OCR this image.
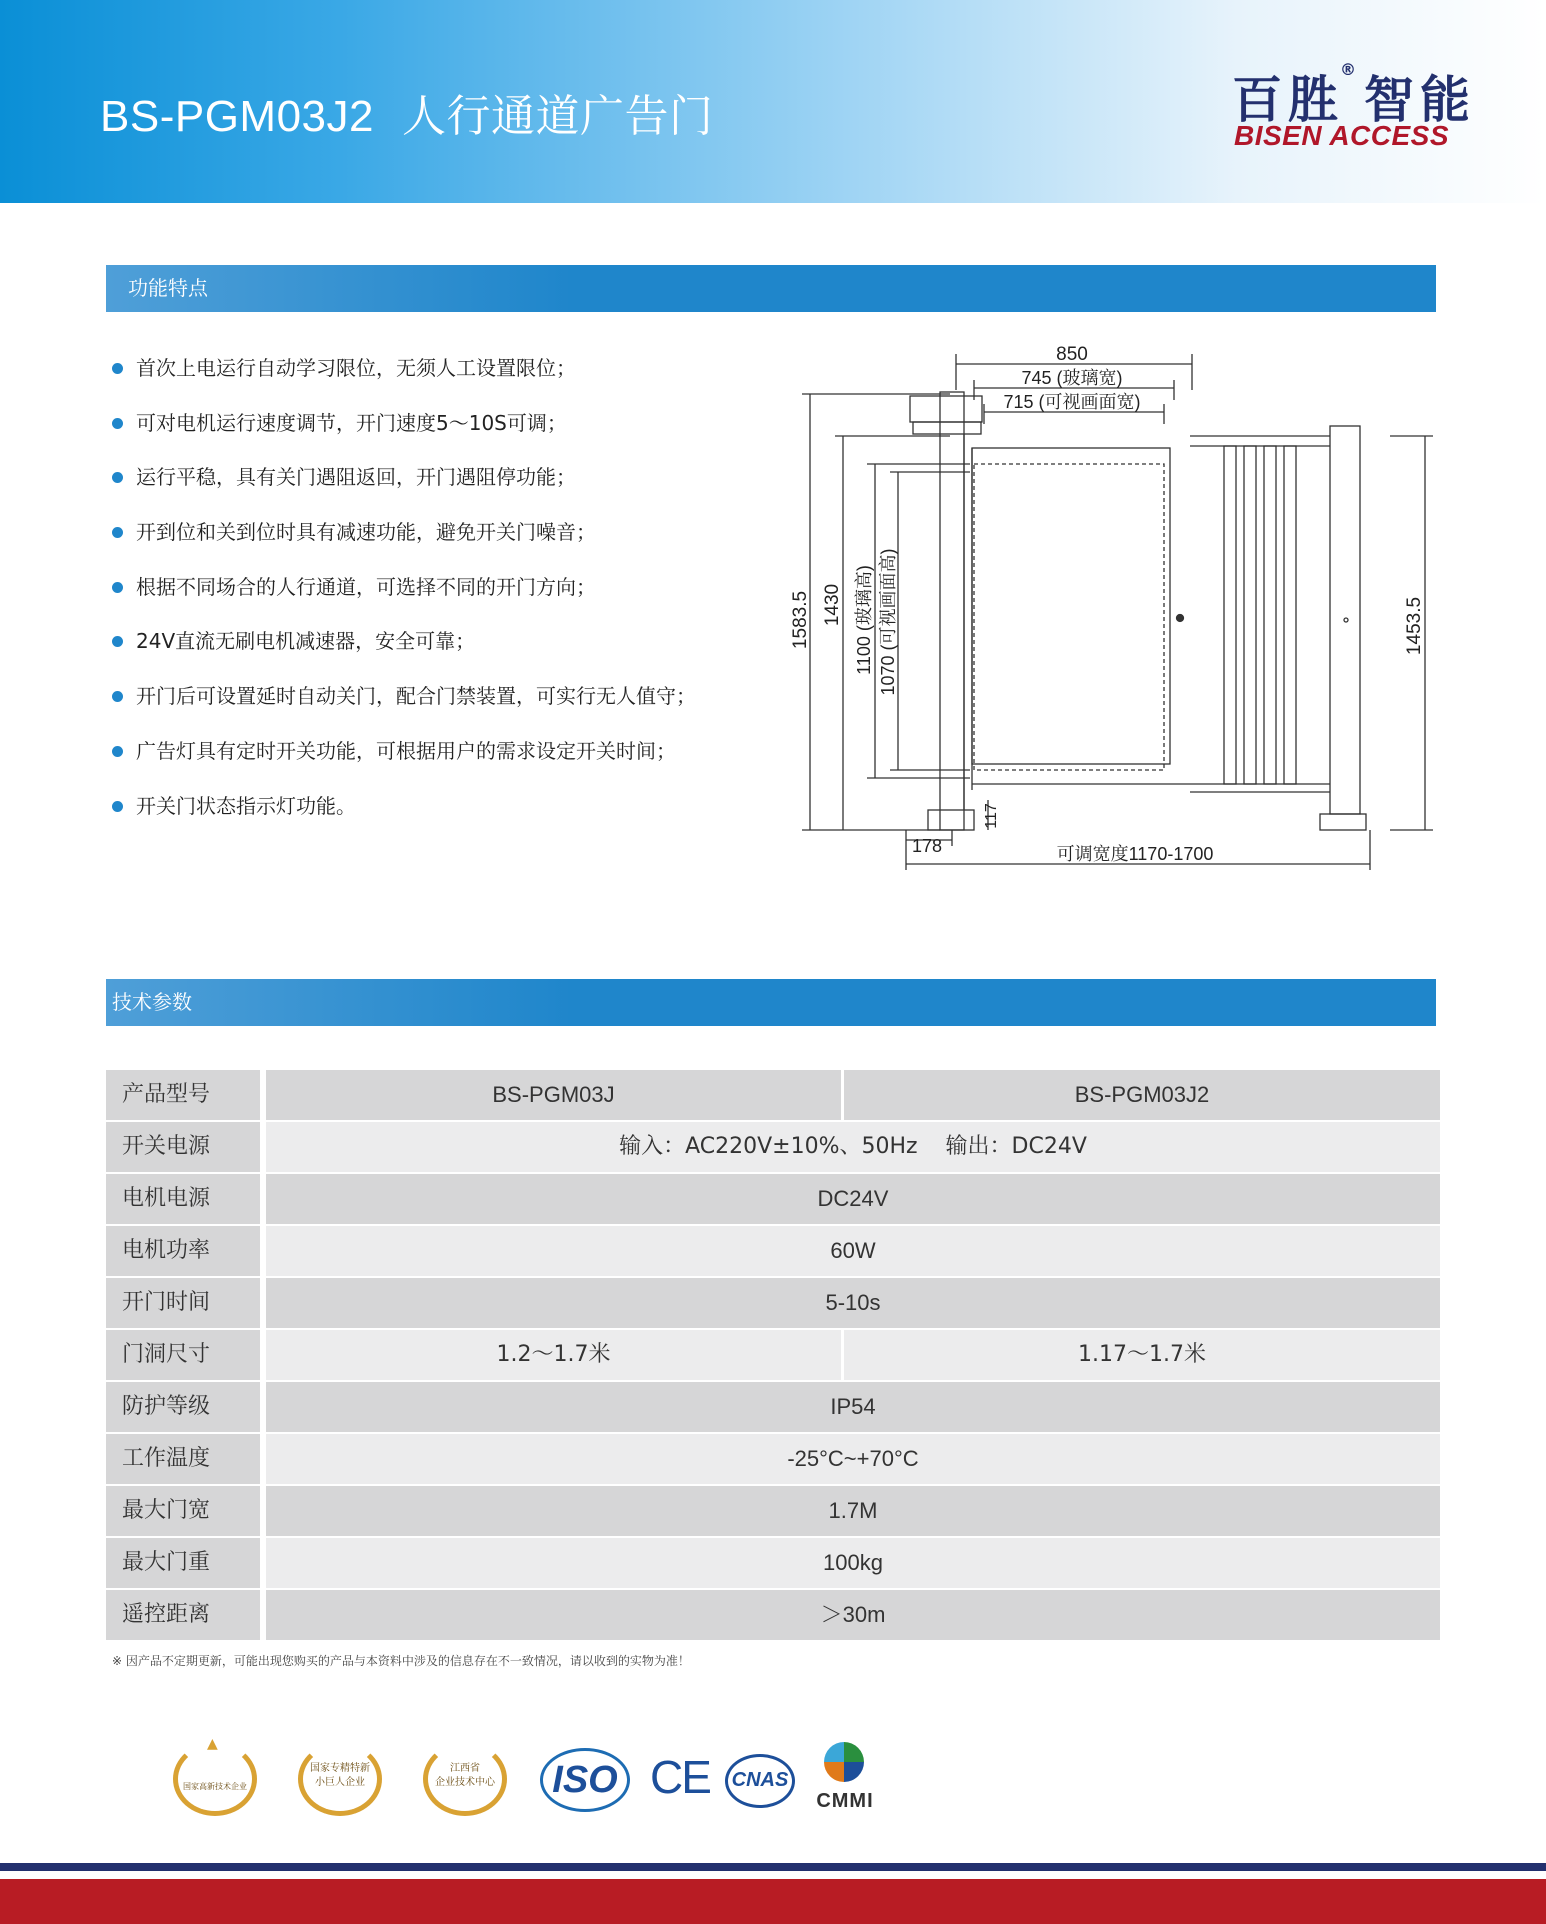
BS-PGM03J2 人行通道广告门	百胜®智能
BISEN ACCESS
功能特点
首次上电运行自动学习限位，无须人工设置限位；
可对电机运行速度调节，开门速度5～10S可调；
运行平稳，具有关门遇阻返回，开门遇阻停功能；
开到位和关到位时具有减速功能，避免开关门噪音；
根据不同场合的人行通道，可选择不同的开门方向；
24V直流无刷电机减速器，安全可靠；
开门后可设置延时自动关门，配合门禁装置，可实行无人值守；
广告灯具有定时开关功能，可根据用户的需求设定开关时间；
开关门状态指示灯功能。
850
745 (玻璃宽)
715 (可视画面宽)
1583.5 1430 1100 (玻璃高) 1070 (可视画面高)	1453.5
117
178	可调宽度1170-1700
技术参数
产品型号	BS-PGM03J	BS-PGM03J2
开关电源	输入：AC220V±10%、50Hz    输出：DC24V
电机电源	DC24V
电机功率	60W
开门时间	5-10s
门洞尺寸	1.2～1.7米	1.17～1.7米
防护等级	IP54
工作温度	-25°C~+70°C
最大门宽	1.7M
最大门重	100kg
遥控距离	＞30m
※ 因产品不定期更新，可能出现您购买的产品与本资料中涉及的信息存在不一致情况，请以收到的实物为准！
▲
国家高新技术企业
国家专精特新
小巨人企业
江西省
企业技术中心	ISO CE CNAS
CMMI
